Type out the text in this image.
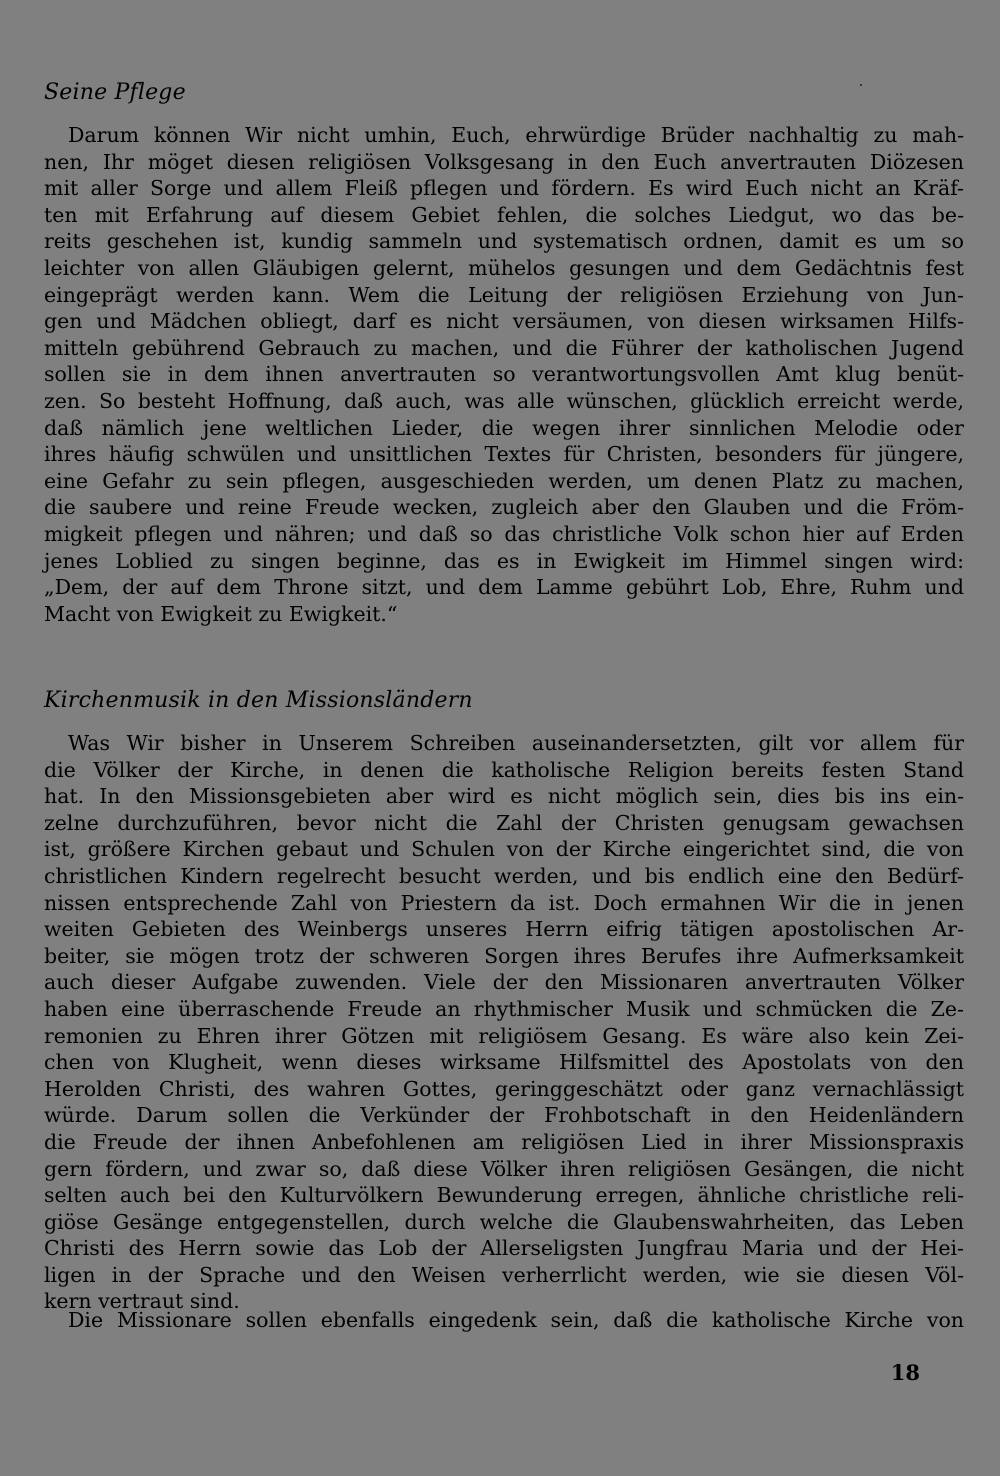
Seine Pflege
Darum können Wir nicht umhin, Euch, ehrwürdige Brüder nachhaltig zu mah-
nen, Ihr möget diesen religiösen Volksgesang in den Euch anvertrauten Diözesen
mit aller Sorge und allem Fleiß pflegen und fördern. Es wird Euch nicht an Kräf-
ten mit Erfahrung auf diesem Gebiet fehlen, die solches Liedgut, wo das be-
reits geschehen ist, kundig sammeln und systematisch ordnen, damit es um so
leichter von allen Gläubigen gelernt, mühelos gesungen und dem Gedächtnis fest
eingeprägt werden kann. Wem die Leitung der religiösen Erziehung von Jun-
gen und Mädchen obliegt, darf es nicht versäumen, von diesen wirksamen Hilfs-
mitteln gebührend Gebrauch zu machen, und die Führer der katholischen Jugend
sollen sie in dem ihnen anvertrauten so verantwortungsvollen Amt klug benüt-
zen. So besteht Hoffnung, daß auch, was alle wünschen, glücklich erreicht werde,
daß nämlich jene weltlichen Lieder, die wegen ihrer sinnlichen Melodie oder
ihres häufig schwülen und unsittlichen Textes für Christen, besonders für jüngere,
eine Gefahr zu sein pflegen, ausgeschieden werden, um denen Platz zu machen,
die saubere und reine Freude wecken, zugleich aber den Glauben und die Fröm-
migkeit pflegen und nähren; und daß so das christliche Volk schon hier auf Erden
jenes Loblied zu singen beginne, das es in Ewigkeit im Himmel singen wird:
„Dem, der auf dem Throne sitzt, und dem Lamme gebührt Lob, Ehre, Ruhm und
Macht von Ewigkeit zu Ewigkeit.“
Kirchenmusik in den Missionsländern
Was Wir bisher in Unserem Schreiben auseinandersetzten, gilt vor allem für
die Völker der Kirche, in denen die katholische Religion bereits festen Stand
hat. In den Missionsgebieten aber wird es nicht möglich sein, dies bis ins ein-
zelne durchzuführen, bevor nicht die Zahl der Christen genugsam gewachsen
ist, größere Kirchen gebaut und Schulen von der Kirche eingerichtet sind, die von
christlichen Kindern regelrecht besucht werden, und bis endlich eine den Bedürf-
nissen entsprechende Zahl von Priestern da ist. Doch ermahnen Wir die in jenen
weiten Gebieten des Weinbergs unseres Herrn eifrig tätigen apostolischen Ar-
beiter, sie mögen trotz der schweren Sorgen ihres Berufes ihre Aufmerksamkeit
auch dieser Aufgabe zuwenden. Viele der den Missionaren anvertrauten Völker
haben eine überraschende Freude an rhythmischer Musik und schmücken die Ze-
remonien zu Ehren ihrer Götzen mit religiösem Gesang. Es wäre also kein Zei-
chen von Klugheit, wenn dieses wirksame Hilfsmittel des Apostolats von den
Herolden Christi, des wahren Gottes, geringgeschätzt oder ganz vernachlässigt
würde. Darum sollen die Verkünder der Frohbotschaft in den Heidenländern
die Freude der ihnen Anbefohlenen am religiösen Lied in ihrer Missionspraxis
gern fördern, und zwar so, daß diese Völker ihren religiösen Gesängen, die nicht
selten auch bei den Kulturvölkern Bewunderung erregen, ähnliche christliche reli-
giöse Gesänge entgegenstellen, durch welche die Glaubenswahrheiten, das Leben
Christi des Herrn sowie das Lob der Allerseligsten Jungfrau Maria und der Hei-
ligen in der Sprache und den Weisen verherrlicht werden, wie sie diesen Völ-
kern vertraut sind.
Die Missionare sollen ebenfalls eingedenk sein, daß die katholische Kirche von
18
